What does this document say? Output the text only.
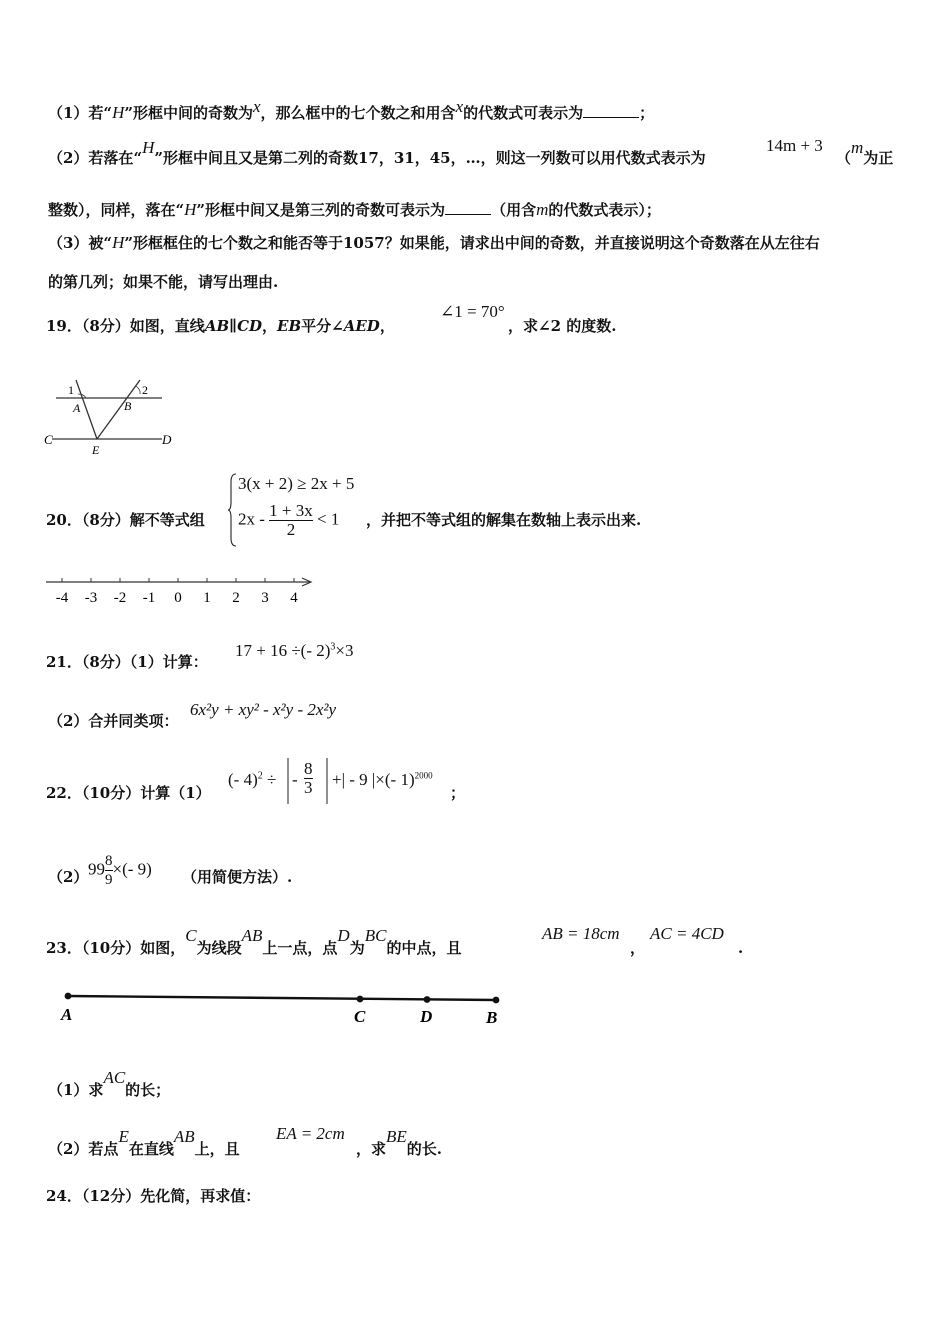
（1）若“H”形框中间的奇数为x，那么框中的七个数之和用含x的代数式可表示为	；
（2）若落在“H”形框中间且又是第二列的奇数17，31，45，…，则这一列数可以用代数式表示为
14m + 3
（m为正
整数），同样，落在“H”形框中间又是第三列的奇数可表示为	（用含m的代数式表示）；
（3）被“H”形框框住的七个数之和能否等于1057？如果能，请求出中间的奇数，并直接说明这个奇数落在从左往右
的第几列；如果不能，请写出理由.
19．（8分）如图，直线AB∥CD，EB平分∠AED，
∠1 = 70°
，求∠2 的度数.
1	2
A	B
C	D
E
20．（8分）解不等式组
3(x + 2) ≥ 2x + 5
$2x - \frac{1 + 3x}{2} < 1$ ，并把不等式组的解集在数轴上表示出来.
-4 -3 -2 -1 0 1 2 3 4
21．（8分）（1）计算：
17 + 16 ÷(- 2)$^3$×3
（2）合并同类项：
6x²y + xy² - x²y - 2x²y
22．（10分）计算（1）
(- 4)$^2$ ÷ - $\frac{8}{3}$ +| - 9 |×(- 1)$^{2000}$
；
（2） $99 \frac{8}{9}$ ×(- 9) （用简便方法）.
23．（10分）如图，C为线段AB上一点，点D为BC的中点，且
AB = 18cm
，
AC = 4CD
.
A	C	D	B
（1）求AC的长；
（2）若点E在直线AB上，且
EA = 2cm
，求BE的长.
24．（12分）先化简，再求值：
